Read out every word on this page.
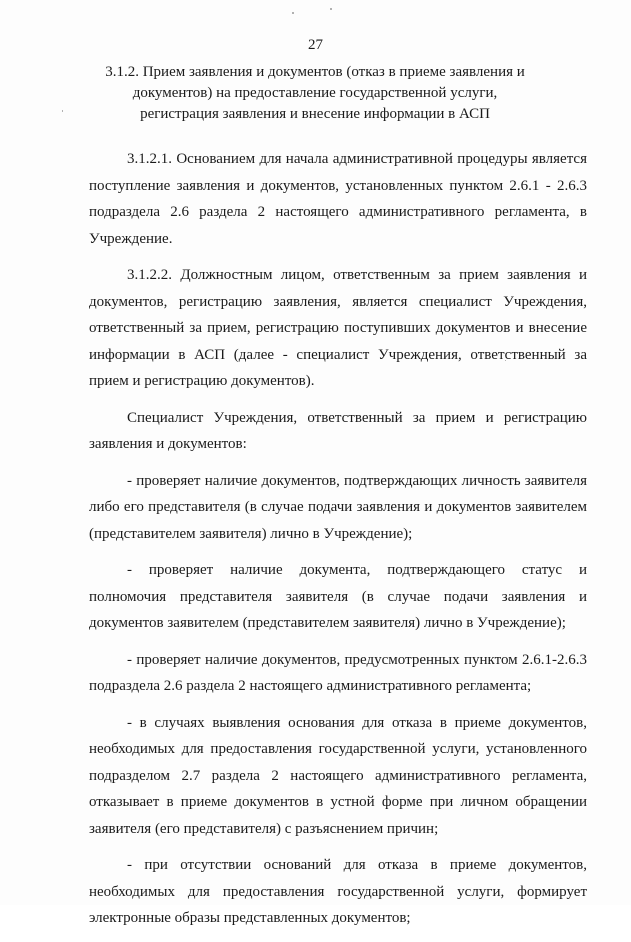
27
3.1.2. Прием заявления и документов (отказ в приеме заявления и документов) на предоставление государственной услуги, регистрация заявления и внесение информации в АСП

3.1.2.1. Основанием для начала административной процедуры является поступление заявления и документов, установленных пунктом 2.6.1 - 2.6.3 подраздела 2.6 раздела 2 настоящего административного регламента, в Учреждение.

3.1.2.2. Должностным лицом, ответственным за прием заявления и документов, регистрацию заявления, является специалист Учреждения, ответственный за прием, регистрацию поступивших документов и внесение информации в АСП (далее - специалист Учреждения, ответственный за прием и регистрацию документов).

Специалист Учреждения, ответственный за прием и регистрацию заявления и документов:

- проверяет наличие документов, подтверждающих личность заявителя либо его представителя (в случае подачи заявления и документов заявителем (представителем заявителя) лично в Учреждение);

- проверяет наличие документа, подтверждающего статус и полномочия представителя заявителя (в случае подачи заявления и документов заявителем (представителем заявителя) лично в Учреждение);

- проверяет наличие документов, предусмотренных пунктом 2.6.1-2.6.3 подраздела 2.6 раздела 2 настоящего административного регламента;

- в случаях выявления основания для отказа в приеме документов, необходимых для предоставления государственной услуги, установленного подразделом 2.7 раздела 2 настоящего административного регламента, отказывает в приеме документов в устной форме при личном обращении заявителя (его представителя) с разъяснением причин;

- при отсутствии оснований для отказа в приеме документов, необходимых для предоставления государственной услуги, формирует электронные образы представленных документов;
